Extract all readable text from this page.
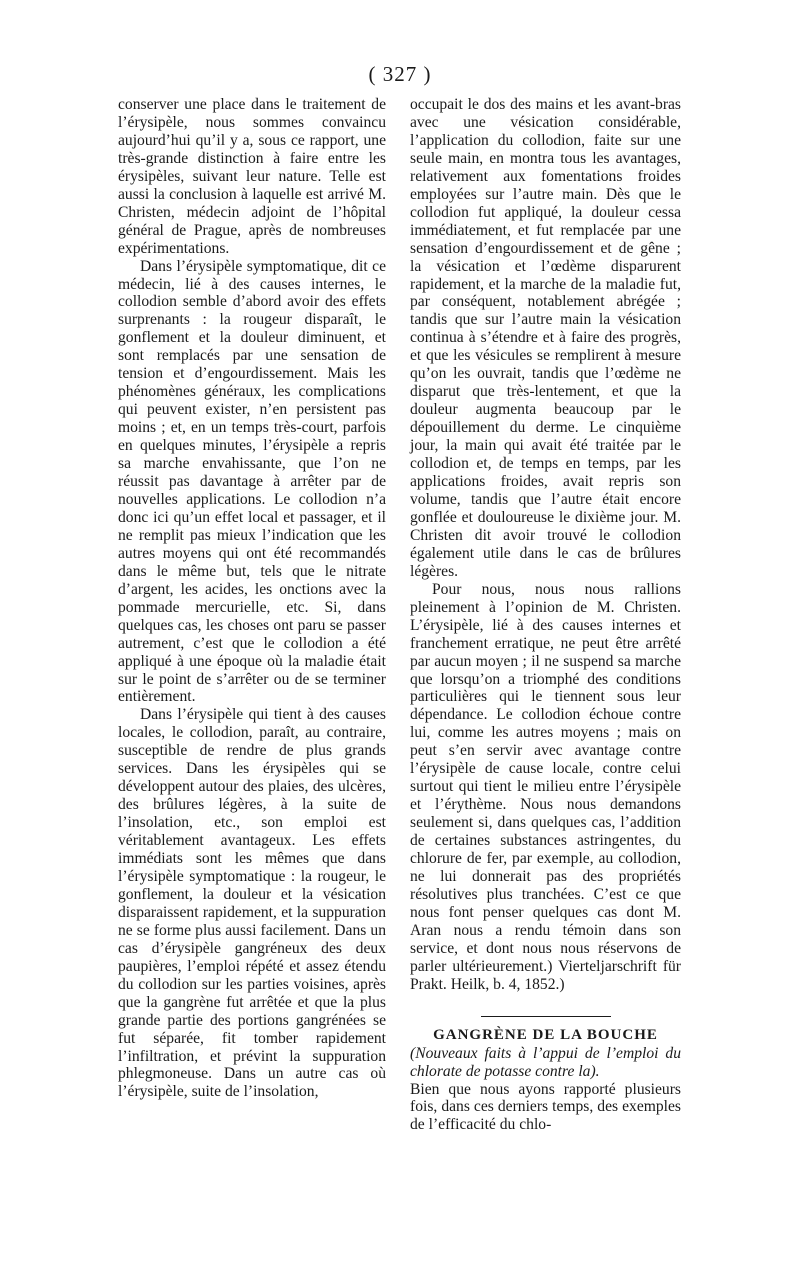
( 327 )

conserver une place dans le traitement de l’érysipèle, nous sommes convaincu aujourd’hui qu’il y a, sous ce rapport, une très-grande distinction à faire entre les érysipèles, suivant leur nature. Telle est aussi la conclusion à laquelle est arrivé M. Christen, médecin adjoint de l’hôpital général de Prague, après de nombreuses expérimentations.

Dans l’érysipèle symptomatique, dit ce médecin, lié à des causes internes, le collodion semble d’abord avoir des effets surprenants : la rougeur disparaît, le gonflement et la douleur diminuent, et sont remplacés par une sensation de tension et d’engourdissement. Mais les phénomènes généraux, les complications qui peuvent exister, n’en persistent pas moins ; et, en un temps très-court, parfois en quelques minutes, l’érysipèle a repris sa marche envahissante, que l’on ne réussit pas davantage à arrêter par de nouvelles applications. Le collodion n’a donc ici qu’un effet local et passager, et il ne remplit pas mieux l’indication que les autres moyens qui ont été recommandés dans le même but, tels que le nitrate d’argent, les acides, les onctions avec la pommade mercurielle, etc. Si, dans quelques cas, les choses ont paru se passer autrement, c’est que le collodion a été appliqué à une époque où la maladie était sur le point de s’arrêter ou de se terminer entièrement.

Dans l’érysipèle qui tient à des causes locales, le collodion, paraît, au contraire, susceptible de rendre de plus grands services. Dans les érysipèles qui se développent autour des plaies, des ulcères, des brûlures légères, à la suite de l’insolation, etc., son emploi est véritablement avantageux. Les effets immédiats sont les mêmes que dans l’érysipèle symptomatique : la rougeur, le gonflement, la douleur et la vésication disparaissent rapidement, et la suppuration ne se forme plus aussi facilement. Dans un cas d’érysipèle gangréneux des deux paupières, l’emploi répété et assez étendu du collodion sur les parties voisines, après que la gangrène fut arrêtée et que la plus grande partie des portions gangrénées se fut séparée, fit tomber rapidement l’infiltration, et prévint la suppuration phlegmoneuse. Dans un autre cas où l’érysipèle, suite de l’insolation,

occupait le dos des mains et les avant-bras avec une vésication considérable, l’application du collodion, faite sur une seule main, en montra tous les avantages, relativement aux fomentations froides employées sur l’autre main. Dès que le collodion fut appliqué, la douleur cessa immédiatement, et fut remplacée par une sensation d’engourdissement et de gêne ; la vésication et l’œdème disparurent rapidement, et la marche de la maladie fut, par conséquent, notablement abrégée ; tandis que sur l’autre main la vésication continua à s’étendre et à faire des progrès, et que les vésicules se remplirent à mesure qu’on les ouvrait, tandis que l’œdème ne disparut que très-lentement, et que la douleur augmenta beaucoup par le dépouillement du derme. Le cinquième jour, la main qui avait été traitée par le collodion et, de temps en temps, par les applications froides, avait repris son volume, tandis que l’autre était encore gonflée et douloureuse le dixième jour. M. Christen dit avoir trouvé le collodion également utile dans le cas de brûlures légères.

Pour nous, nous nous rallions pleinement à l’opinion de M. Christen. L’érysipèle, lié à des causes internes et franchement erratique, ne peut être arrêté par aucun moyen ; il ne suspend sa marche que lorsqu’on a triomphé des conditions particulières qui le tiennent sous leur dépendance. Le collodion échoue contre lui, comme les autres moyens ; mais on peut s’en servir avec avantage contre l’érysipèle de cause locale, contre celui surtout qui tient le milieu entre l’érysipèle et l’érythème. Nous nous demandons seulement si, dans quelques cas, l’addition de certaines substances astringentes, du chlorure de fer, par exemple, au collodion, ne lui donnerait pas des propriétés résolutives plus tranchées. C’est ce que nous font penser quelques cas dont M. Aran nous a rendu témoin dans son service, et dont nous nous réservons de parler ultérieurement.) Vierteljarschrift für Prakt. Heilk, b. 4, 1852.)

GANGRÈNE DE LA BOUCHE

(Nouveaux faits à l’appui de l’emploi du chlorate de potasse contre la).

Bien que nous ayons rapporté plusieurs fois, dans ces derniers temps, des exemples de l’efficacité du chlo-
